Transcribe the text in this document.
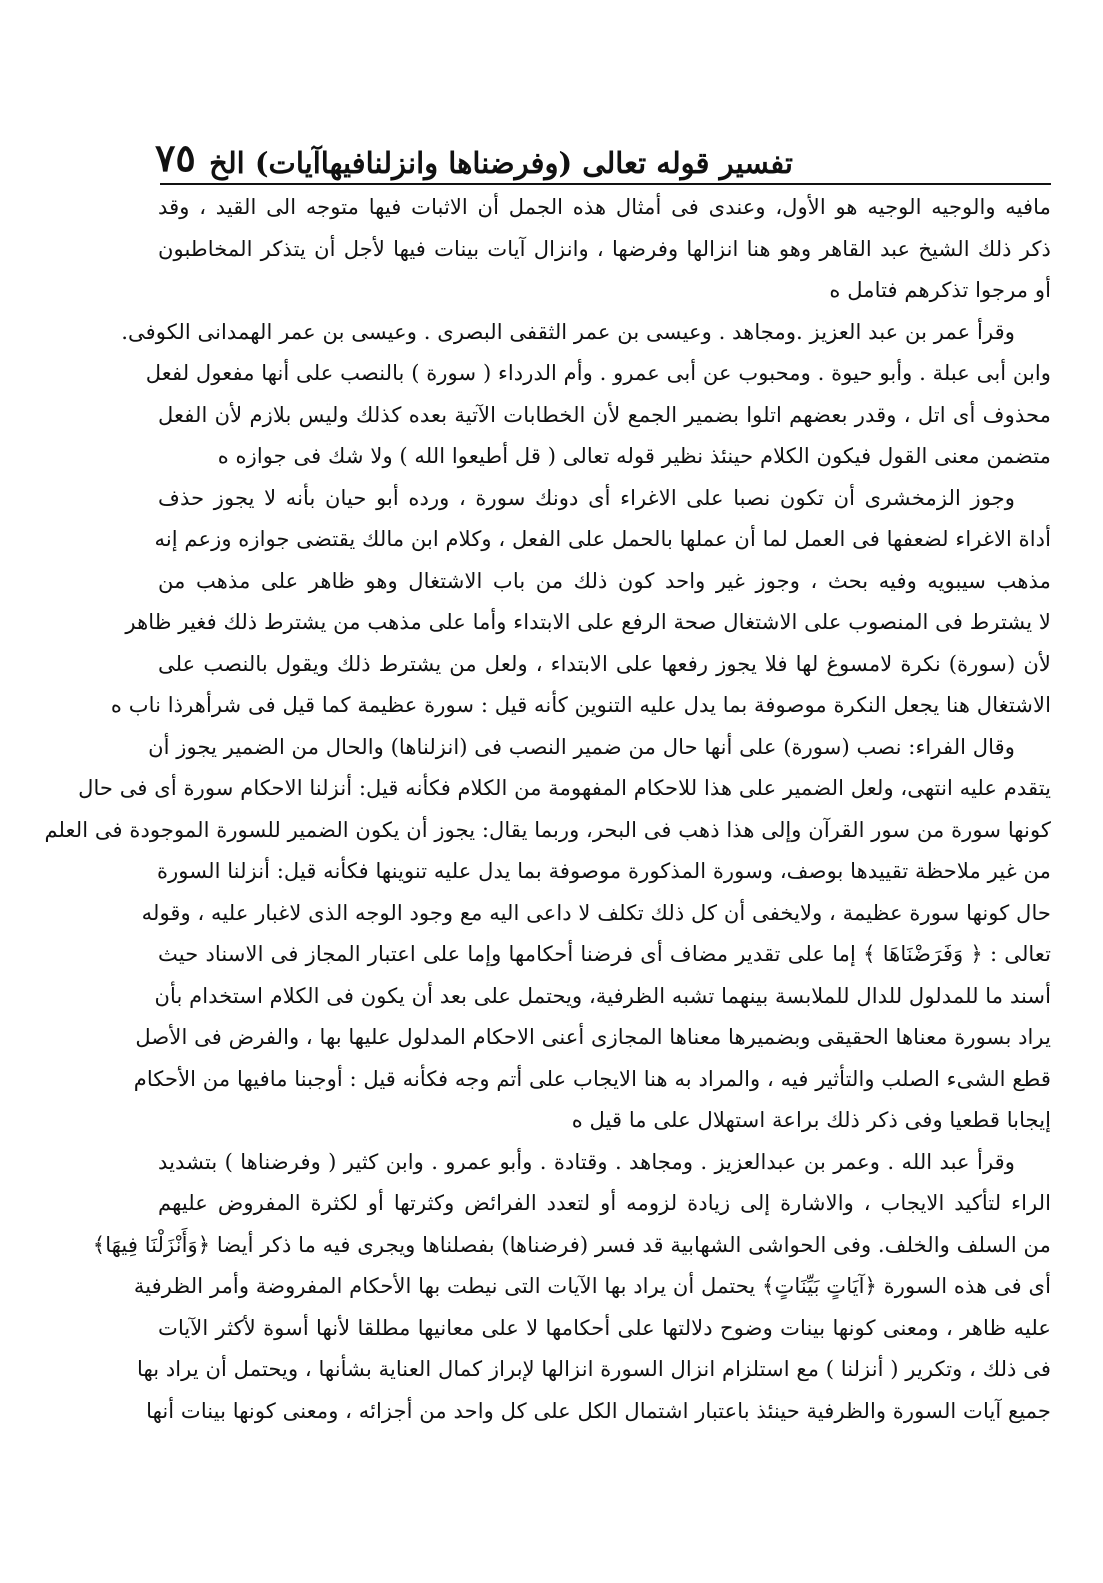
تفسير قوله تعالى (وفرضناها وانزلنافيهاآيات) الخ
٧٥
مافيه والوجيه الوجيه هو الأول، وعندى فى أمثال هذه الجمل أن الاثبات فيها متوجه الى القيد ، وقد
ذكر ذلك الشيخ عبد القاهر وهو هنا انزالها وفرضها ، وانزال آيات بينات فيها لأجل أن يتذكر المخاطبون
أو مرجوا تذكرهم فتامل ه
وقرأ عمر بن عبد العزيز .ومجاهد . وعيسى بن عمر الثقفى البصرى . وعيسى بن عمر الهمدانى الكوفى.
وابن أبى عبلة . وأبو حيوة . ومحبوب عن أبى عمرو . وأم الدرداء ( سورة ) بالنصب على أنها مفعول لفعل
محذوف أى اتل ، وقدر بعضهم اتلوا بضمير الجمع لأن الخطابات الآتية بعده كذلك وليس بلازم لأن الفعل
متضمن معنى القول فيكون الكلام حينئذ نظير قوله تعالى ( قل أطيعوا الله ) ولا شك فى جوازه ه
وجوز الزمخشرى أن تكون نصبا على الاغراء أى دونك سورة ، ورده أبو حيان بأنه لا يجوز حذف
أداة الاغراء لضعفها فى العمل لما أن عملها بالحمل على الفعل ، وكلام ابن مالك يقتضى جوازه وزعم إنه
مذهب سيبويه وفيه بحث ، وجوز غير واحد كون ذلك من باب الاشتغال وهو ظاهر على مذهب من
لا يشترط فى المنصوب على الاشتغال صحة الرفع على الابتداء وأما على مذهب من يشترط ذلك فغير ظاهر
لأن (سورة) نكرة لامسوغ لها فلا يجوز رفعها على الابتداء ، ولعل من يشترط ذلك ويقول بالنصب على
الاشتغال هنا يجعل النكرة موصوفة بما يدل عليه التنوين كأنه قيل : سورة عظيمة كما قيل فى شرأهرذا ناب ه
وقال الفراء: نصب (سورة) على أنها حال من ضمير النصب فى (انزلناها) والحال من الضمير يجوز أن
يتقدم عليه انتهى، ولعل الضمير على هذا للاحكام المفهومة من الكلام فكأنه قيل: أنزلنا الاحكام سورة أى فى حال
كونها سورة من سور القرآن وإلى هذا ذهب فى البحر، وربما يقال: يجوز أن يكون الضمير للسورة الموجودة فى العلم
من غير ملاحظة تقييدها بوصف، وسورة المذكورة موصوفة بما يدل عليه تنوينها فكأنه قيل: أنزلنا السورة
حال كونها سورة عظيمة ، ولايخفى أن كل ذلك تكلف لا داعى اليه مع وجود الوجه الذى لاغبار عليه ، وقوله
تعالى : ﴿ وَفَرَضْنَاهَا ﴾ إما على تقدير مضاف أى فرضنا أحكامها وإما على اعتبار المجاز فى الاسناد حيث
أسند ما للمدلول للدال للملابسة بينهما تشبه الظرفية، ويحتمل على بعد أن يكون فى الكلام استخدام بأن
يراد بسورة معناها الحقيقى وبضميرها معناها المجازى أعنى الاحكام المدلول عليها بها ، والفرض فى الأصل
قطع الشىء الصلب والتأثير فيه ، والمراد به هنا الايجاب على أتم وجه فكأنه قيل : أوجبنا مافيها من الأحكام
إيجابا قطعيا وفى ذكر ذلك براعة استهلال على ما قيل ه
وقرأ عبد الله . وعمر بن عبدالعزيز . ومجاهد . وقتادة . وأبو عمرو . وابن كثير ( وفرضناها ) بتشديد
الراء لتأكيد الايجاب ، والاشارة إلى زيادة لزومه أو لتعدد الفرائض وكثرتها أو لكثرة المفروض عليهم
من السلف والخلف. وفى الحواشى الشهابية قد فسر (فرضناها) بفصلناها ويجرى فيه ما ذكر أيضا ﴿وَأَنْزَلْنَا فِيهَا﴾
أى فى هذه السورة ﴿آيَاتٍ بَيِّنَاتٍ﴾ يحتمل أن يراد بها الآيات التى نيطت بها الأحكام المفروضة وأمر الظرفية
عليه ظاهر ، ومعنى كونها بينات وضوح دلالتها على أحكامها لا على معانيها مطلقا لأنها أسوة لأكثر الآيات
فى ذلك ، وتكرير ( أنزلنا ) مع استلزام انزال السورة انزالها لإبراز كمال العناية بشأنها ، ويحتمل أن يراد بها
جميع آيات السورة والظرفية حينئذ باعتبار اشتمال الكل على كل واحد من أجزائه ، ومعنى كونها بينات أنها
